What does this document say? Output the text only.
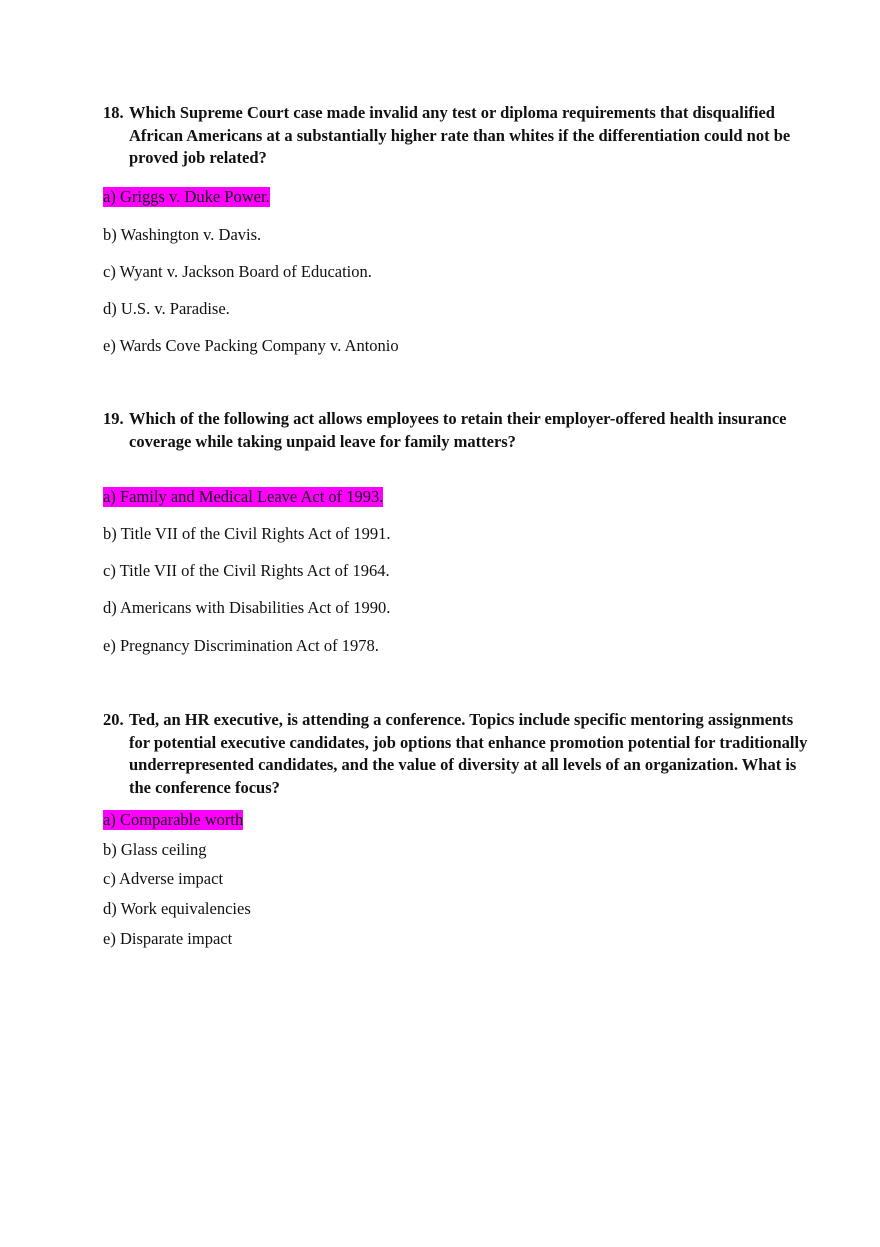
18. Which Supreme Court case made invalid any test or diploma requirements that disqualified African Americans at a substantially higher rate than whites if the differentiation could not be proved job related?

a) Griggs v. Duke Power.

b) Washington v. Davis.

c) Wyant v. Jackson Board of Education.

d) U.S. v. Paradise.

e) Wards Cove Packing Company v. Antonio

19. Which of the following act allows employees to retain their employer-offered health insurance coverage while taking unpaid leave for family matters?

a) Family and Medical Leave Act of 1993.

b) Title VII of the Civil Rights Act of 1991.

c) Title VII of the Civil Rights Act of 1964.

d) Americans with Disabilities Act of 1990.

e) Pregnancy Discrimination Act of 1978.

20. Ted, an HR executive, is attending a conference. Topics include specific mentoring assignments for potential executive candidates, job options that enhance promotion potential for traditionally underrepresented candidates, and the value of diversity at all levels of an organization. What is the conference focus?

a) Comparable worth

b) Glass ceiling

c) Adverse impact

d) Work equivalencies

e) Disparate impact
